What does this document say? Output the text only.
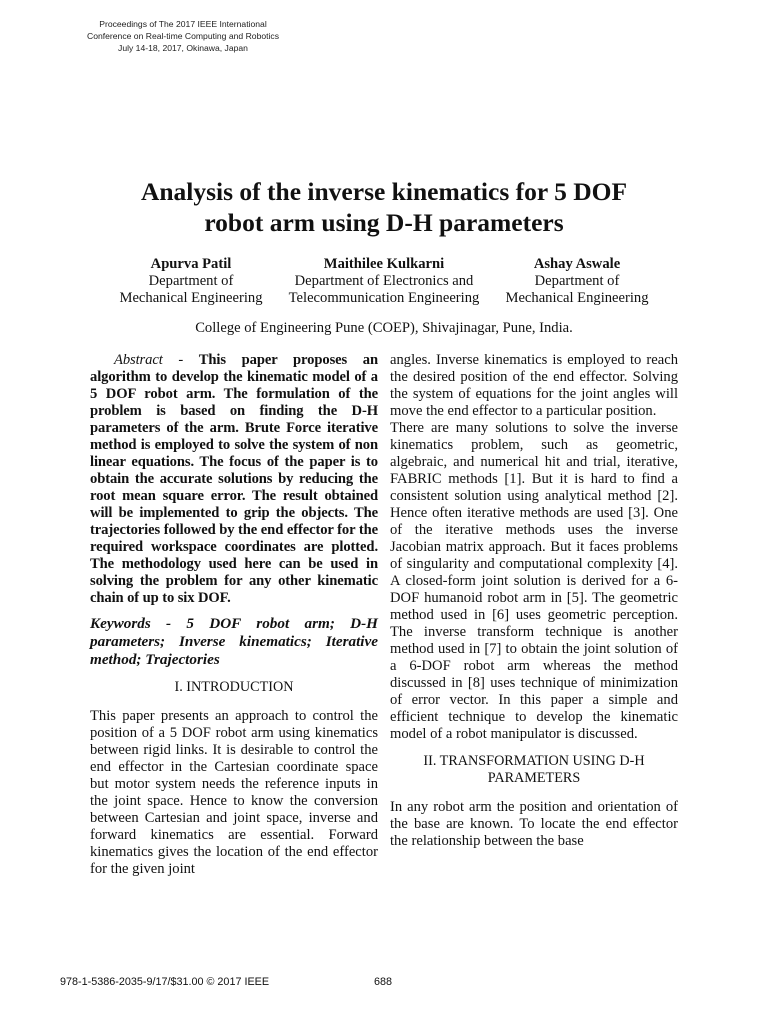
Proceedings of The 2017 IEEE International
Conference on Real-time Computing and Robotics
July 14-18, 2017, Okinawa, Japan
Analysis of the inverse kinematics for 5 DOF
robot arm using D-H parameters
Apurva Patil
Department of
Mechanical Engineering
Maithilee Kulkarni
Department of Electronics and
Telecommunication Engineering
Ashay Aswale
Department of
Mechanical Engineering
College of Engineering Pune (COEP), Shivajinagar, Pune, India.

Abstract - This paper proposes an algorithm to develop the kinematic model of a 5 DOF robot arm. The formulation of the problem is based on finding the D-H parameters of the arm. Brute Force iterative method is employed to solve the system of non linear equations. The focus of the paper is to obtain the accurate solutions by reducing the root mean square error. The result obtained will be implemented to grip the objects. The trajectories followed by the end effector for the required workspace coordinates are plotted. The methodology used here can be used in solving the problem for any other kinematic chain of up to six DOF.

Keywords - 5 DOF robot arm; D-H parameters; Inverse kinematics; Iterative method; Trajectories

I. INTRODUCTION

This paper presents an approach to control the position of a 5 DOF robot arm using kinematics between rigid links. It is desirable to control the end effector in the Cartesian coordinate space but motor system needs the reference inputs in the joint space. Hence to know the conversion between Cartesian and joint space, inverse and forward kinematics are essential. Forward kinematics gives the location of the end effector for the given joint

angles. Inverse kinematics is employed to reach the desired position of the end effector. Solving the system of equations for the joint angles will move the end effector to a particular position.

There are many solutions to solve the inverse kinematics problem, such as geometric, algebraic, and numerical hit and trial, iterative, FABRIC methods [1]. But it is hard to find a consistent solution using analytical method [2]. Hence often iterative methods are used [3]. One of the iterative methods uses the inverse Jacobian matrix approach. But it faces problems of singularity and computational complexity [4]. A closed-form joint solution is derived for a 6-DOF humanoid robot arm in [5]. The geometric method used in [6] uses geometric perception. The inverse transform technique is another method used in [7] to obtain the joint solution of a 6-DOF robot arm whereas the method discussed in [8] uses technique of minimization of error vector. In this paper a simple and efficient technique to develop the kinematic model of a robot manipulator is discussed.

II. TRANSFORMATION USING D-H
PARAMETERS

In any robot arm the position and orientation of the base are known. To locate the end effector the relationship between the base

978-1-5386-2035-9/17/$31.00 © 2017 IEEE	688
